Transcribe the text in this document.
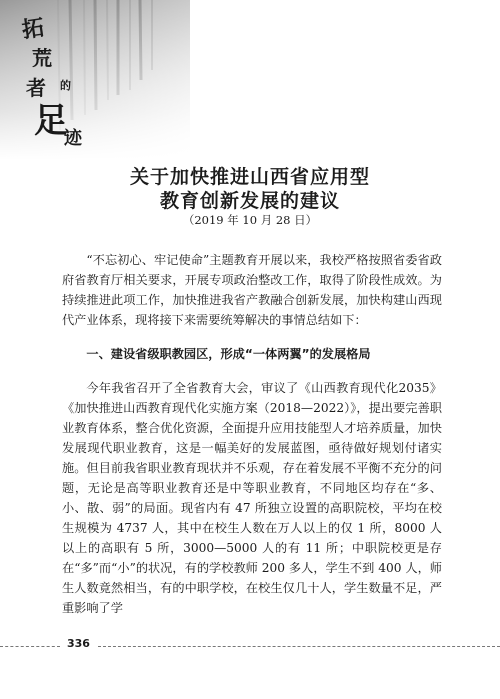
拓
荒
者 的
足
迹
关于加快推进山西省应用型
教育创新发展的建议
（2019 年 10 月 28 日）

“不忘初心、牢记使命”主题教育开展以来，我校严格按照省委省政府省教育厅相关要求，开展专项政治整改工作，取得了阶段性成效。为持续推进此项工作，加快推进我省产教融合创新发展，加快构建山西现代产业体系，现将接下来需要统筹解决的事情总结如下：

一、建设省级职教园区，形成“一体两翼”的发展格局

今年我省召开了全省教育大会，审议了《山西教育现代化2035》《加快推进山西教育现代化实施方案（2018—2022）》，提出要完善职业教育体系，整合优化资源，全面提升应用技能型人才培养质量，加快发展现代职业教育，这是一幅美好的发展蓝图，亟待做好规划付诸实施。但目前我省职业教育现状并不乐观，存在着发展不平衡不充分的问题，无论是高等职业教育还是中等职业教育，不同地区均存在“多、小、散、弱”的局面。现省内有 47 所独立设置的高职院校，平均在校生规模为 4737 人，其中在校生人数在万人以上的仅 1 所，8000 人以上的高职有 5 所，3000—5000 人的有 11 所；中职院校更是存在“多”而“小”的状况，有的学校教师 200 多人，学生不到 400 人，师生人数竟然相当，有的中职学校，在校生仅几十人，学生数量不足，严重影响了学

336
